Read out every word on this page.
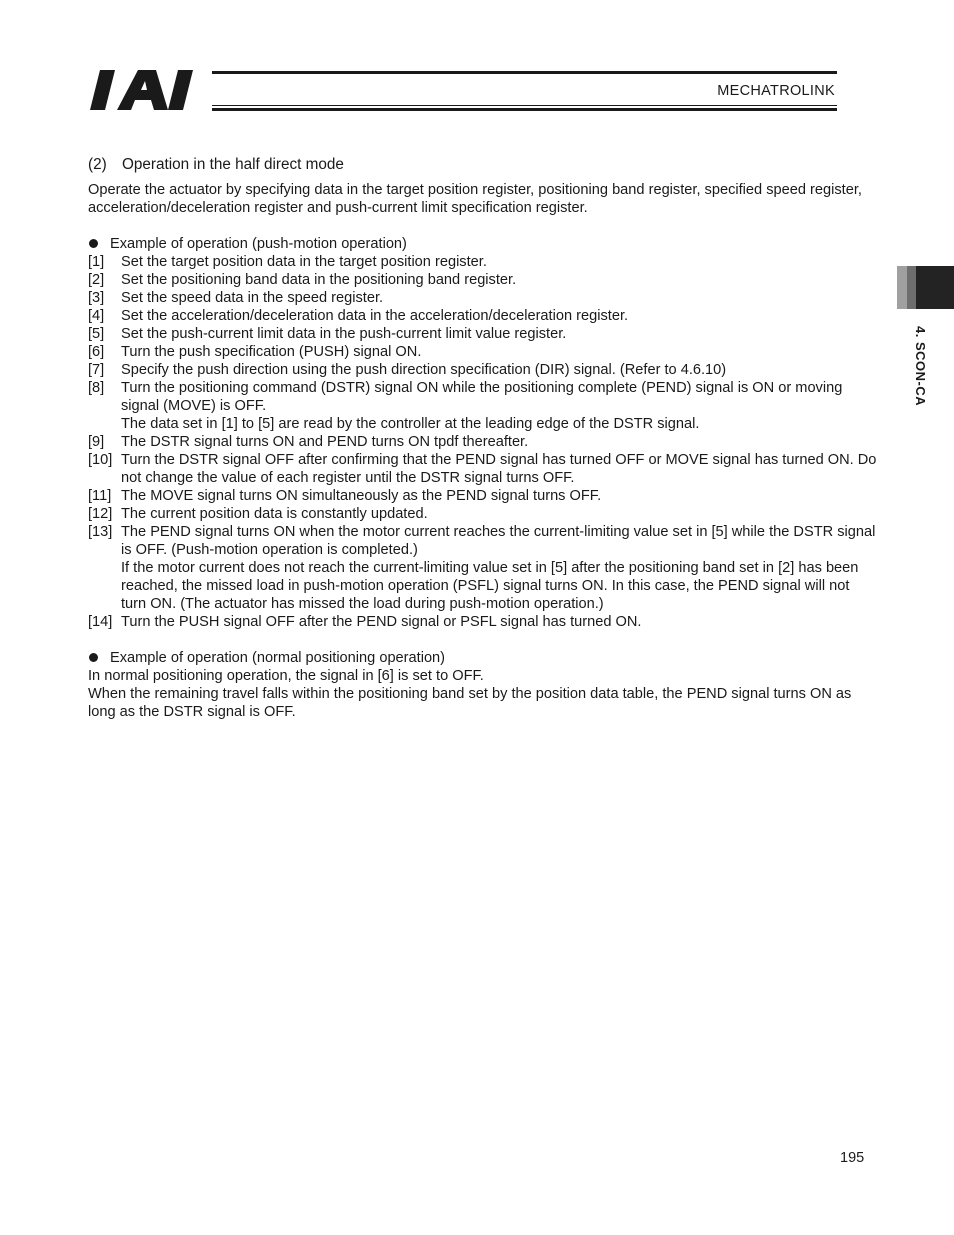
MECHATROLINK
4. SCON-CA
(2) Operation in the half direct mode

Operate the actuator by specifying data in the target position register, positioning band register, specified speed register, acceleration/deceleration register and push-current limit specification register.

Example of operation (push-motion operation)
[1] Set the target position data in the target position register.
[2] Set the positioning band data in the positioning band register.
[3] Set the speed data in the speed register.
[4] Set the acceleration/deceleration data in the acceleration/deceleration register.
[5] Set the push-current limit data in the push-current limit value register.
[6] Turn the push specification (PUSH) signal ON.
[7] Specify the push direction using the push direction specification (DIR) signal. (Refer to 4.6.10)
[8] Turn the positioning command (DSTR) signal ON while the positioning complete (PEND) signal is ON or moving signal (MOVE) is OFF.
The data set in [1] to [5] are read by the controller at the leading edge of the DSTR signal.
[9] The DSTR signal turns ON and PEND turns ON tpdf thereafter.
[10] Turn the DSTR signal OFF after confirming that the PEND signal has turned OFF or MOVE signal has turned ON. Do not change the value of each register until the DSTR signal turns OFF.
[11] The MOVE signal turns ON simultaneously as the PEND signal turns OFF.
[12] The current position data is constantly updated.
[13] The PEND signal turns ON when the motor current reaches the current-limiting value set in [5] while the DSTR signal is OFF. (Push-motion operation is completed.)
If the motor current does not reach the current-limiting value set in [5] after the positioning band set in [2] has been reached, the missed load in push-motion operation (PSFL) signal turns ON. In this case, the PEND signal will not turn ON. (The actuator has missed the load during push-motion operation.)
[14] Turn the PUSH signal OFF after the PEND signal or PSFL signal has turned ON.
Example of operation (normal positioning operation)

In normal positioning operation, the signal in [6] is set to OFF.

When the remaining travel falls within the positioning band set by the position data table, the PEND signal turns ON as long as the DSTR signal is OFF.

195
